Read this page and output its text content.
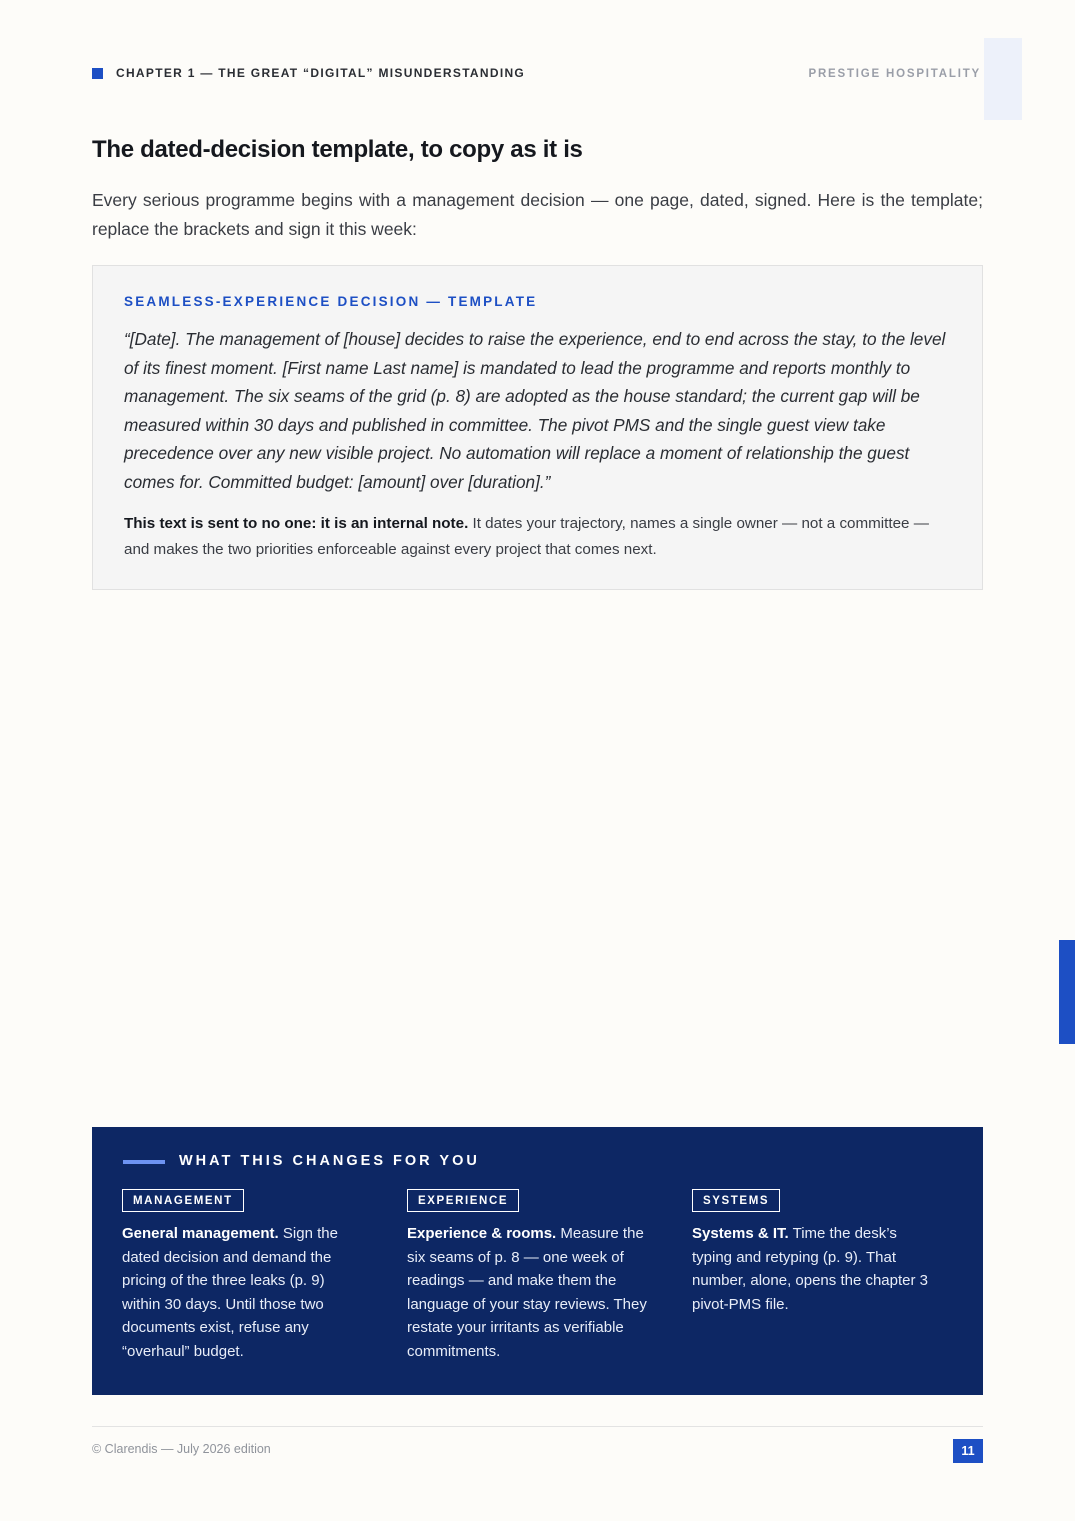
CHAPTER 1 — THE GREAT “DIGITAL” MISUNDERSTANDING	PRESTIGE HOSPITALITY
The dated-decision template, to copy as it is

Every serious programme begins with a management decision — one page, dated, signed. Here is the template; replace the brackets and sign it this week:

SEAMLESS-EXPERIENCE DECISION — TEMPLATE

“[Date]. The management of [house] decides to raise the experience, end to end across the stay, to the level of its finest moment. [First name Last name] is mandated to lead the programme and reports monthly to management. The six seams of the grid (p. 8) are adopted as the house standard; the current gap will be measured within 30 days and published in committee. The pivot PMS and the single guest view take precedence over any new visible project. No automation will replace a moment of relationship the guest comes for. Committed budget: [amount] over [duration].”

This text is sent to no one: it is an internal note. It dates your trajectory, names a single owner — not a committee — and makes the two priorities enforceable against every project that comes next.

WHAT THIS CHANGES FOR YOU
MANAGEMENT

General management. Sign the dated decision and demand the pricing of the three leaks (p. 9) within 30 days. Until those two documents exist, refuse any “overhaul” budget.

EXPERIENCE

Experience & rooms. Measure the six seams of p. 8 — one week of readings — and make them the language of your stay reviews. They restate your irritants as verifiable commitments.

SYSTEMS

Systems & IT. Time the desk’s typing and retyping (p. 9). That number, alone, opens the chapter 3 pivot-PMS file.

© Clarendis — July 2026 edition	11
